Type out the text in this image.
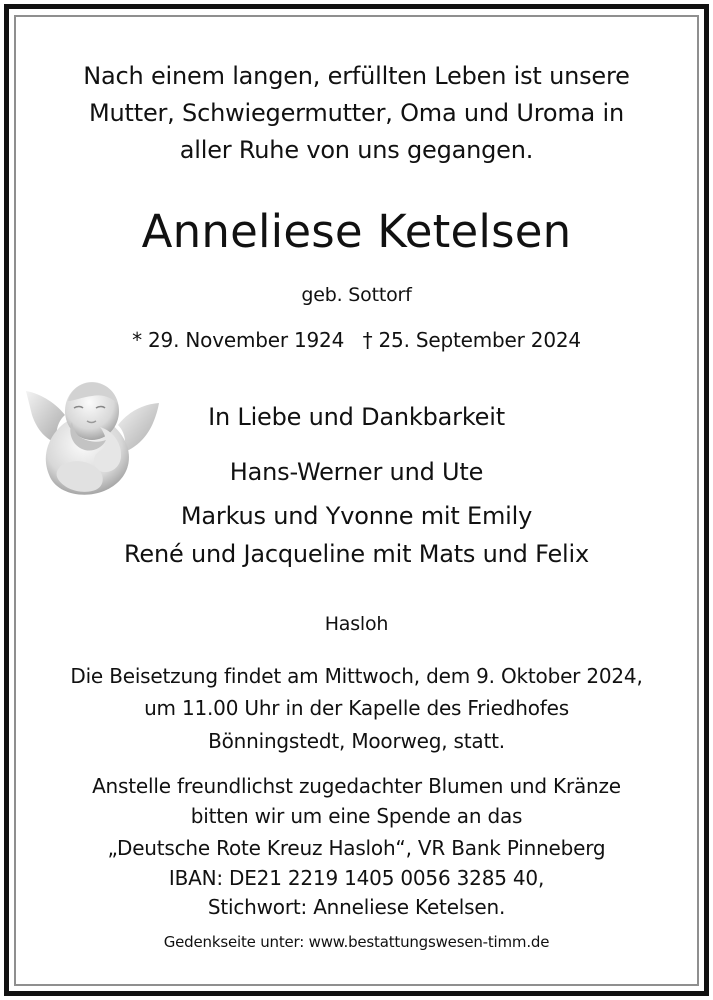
Nach einem langen, erfüllten Leben ist unsere
Mutter, Schwiegermutter, Oma und Uroma in
aller Ruhe von uns gegangen.
Anneliese Ketelsen
geb. Sottorf
* 29. November 1924   † 25. September 2024
In Liebe und Dankbarkeit
Hans-Werner und Ute
Markus und Yvonne mit Emily
René und Jacqueline mit Mats und Felix
Hasloh
Die Beisetzung findet am Mittwoch, dem 9. Oktober 2024,
um 11.00 Uhr in der Kapelle des Friedhofes
Bönningstedt, Moorweg, statt.
Anstelle freundlichst zugedachter Blumen und Kränze
bitten wir um eine Spende an das
„Deutsche Rote Kreuz Hasloh“, VR Bank Pinneberg
IBAN: DE21 2219 1405 0056 3285 40,
Stichwort: Anneliese Ketelsen.
Gedenkseite unter: www.bestattungswesen-timm.de
